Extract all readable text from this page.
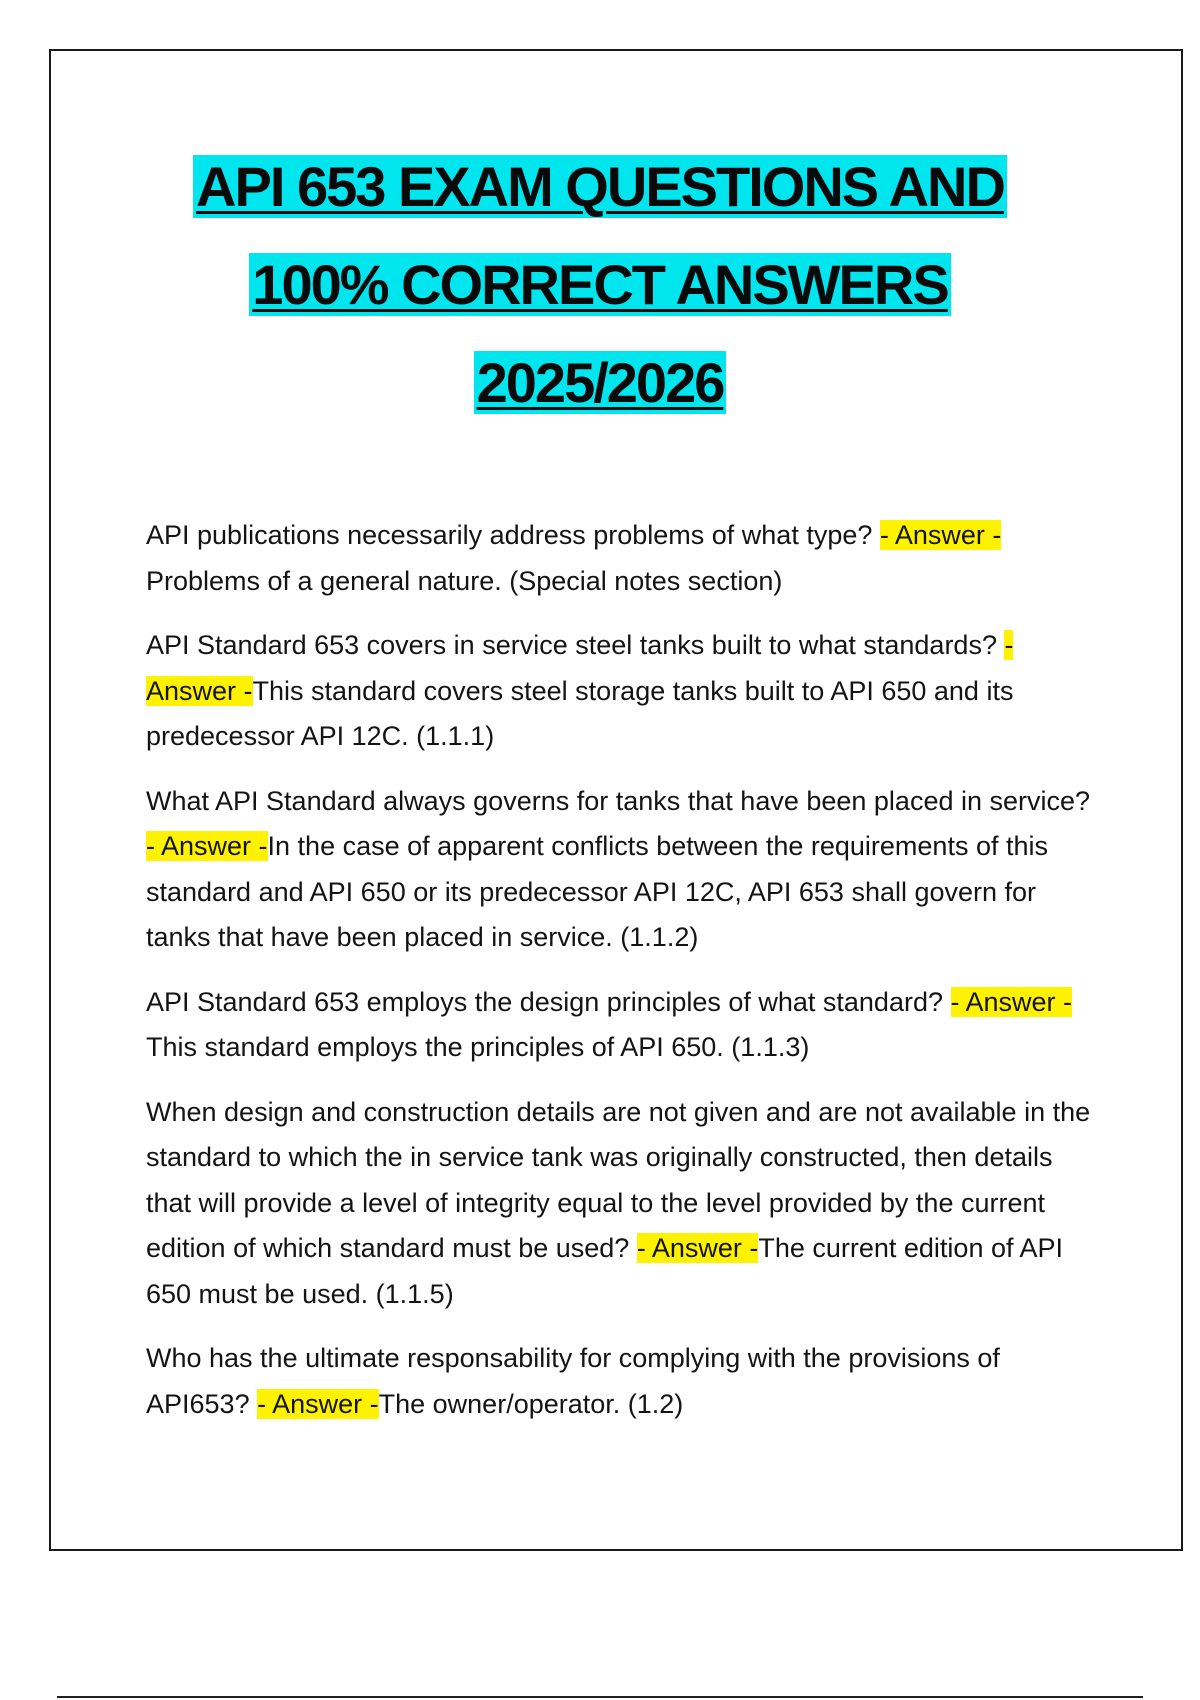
API 653 EXAM QUESTIONS AND
100% CORRECT ANSWERS
2025/2026

API publications necessarily address problems of what type? - Answer - Problems of a general nature. (Special notes section)

API Standard 653 covers in service steel tanks built to what standards? - Answer -This standard covers steel storage tanks built to API 650 and its predecessor API 12C. (1.1.1)

What API Standard always governs for tanks that have been placed in service? - Answer -In the case of apparent conflicts between the requirements of this standard and API 650 or its predecessor API 12C, API 653 shall govern for tanks that have been placed in service. (1.1.2)

API Standard 653 employs the design principles of what standard? - Answer -This standard employs the principles of API 650. (1.1.3)

When design and construction details are not given and are not available in the standard to which the in service tank was originally constructed, then details that will provide a level of integrity equal to the level provided by the current edition of which standard must be used? - Answer -The current edition of API 650 must be used. (1.1.5)

Who has the ultimate responsability for complying with the provisions of API653? - Answer -The owner/operator. (1.2)
